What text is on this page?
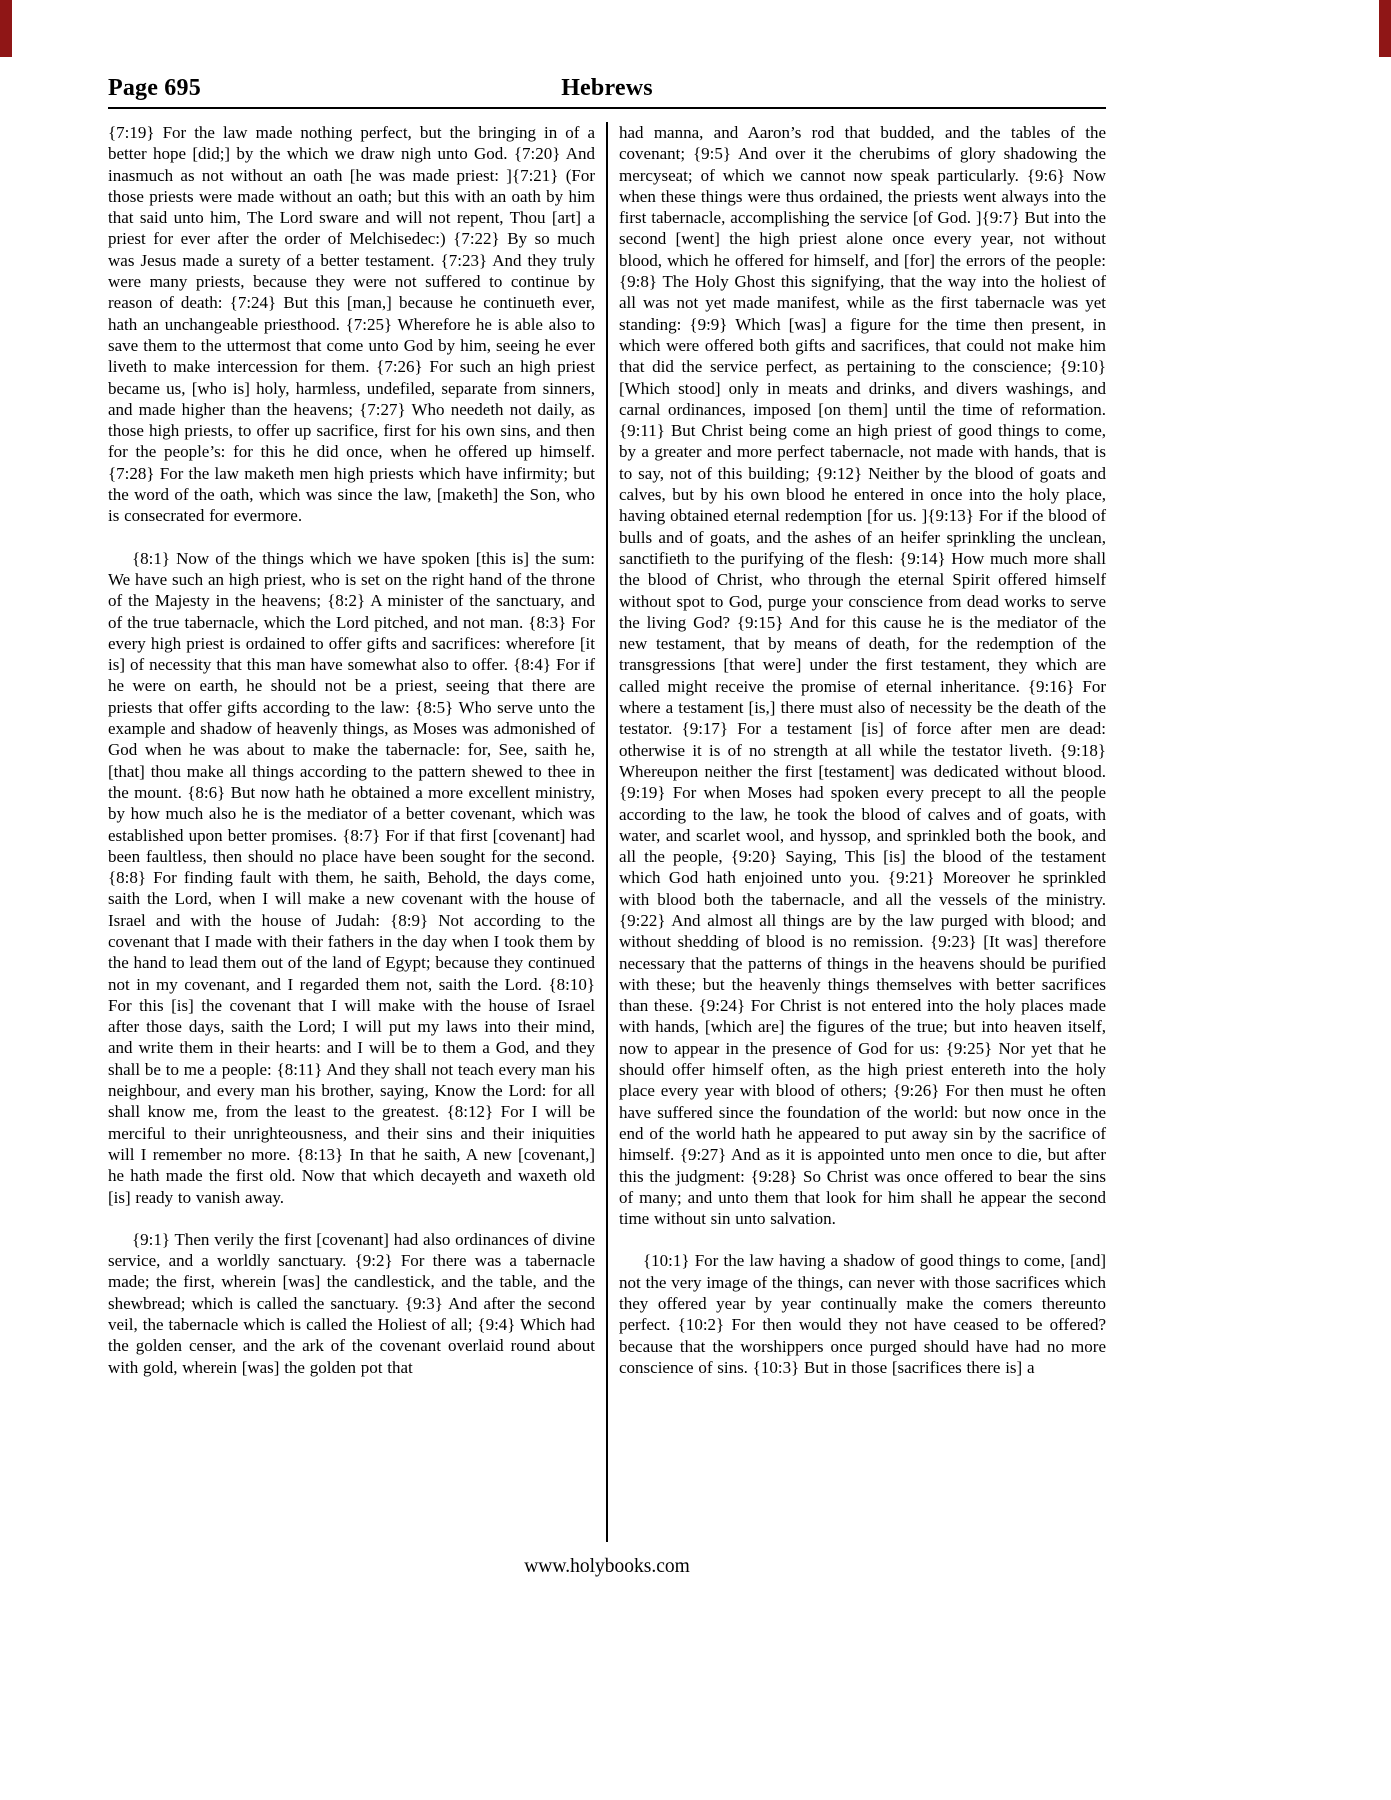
Page 695	Hebrews

{7:19} For the law made nothing perfect, but the bringing in of a better hope [did;] by the which we draw nigh unto God. {7:20} And inasmuch as not without an oath [he was made priest: ]{7:21} (For those priests were made without an oath; but this with an oath by him that said unto him, The Lord sware and will not repent, Thou [art] a priest for ever after the order of Melchisedec:) {7:22} By so much was Jesus made a surety of a better testament. {7:23} And they truly were many priests, because they were not suffered to continue by reason of death: {7:24} But this [man,] because he continueth ever, hath an unchangeable priesthood. {7:25} Wherefore he is able also to save them to the uttermost that come unto God by him, seeing he ever liveth to make intercession for them. {7:26} For such an high priest became us, [who is] holy, harmless, undefiled, separate from sinners, and made higher than the heavens; {7:27} Who needeth not daily, as those high priests, to offer up sacrifice, first for his own sins, and then for the people’s: for this he did once, when he offered up himself. {7:28} For the law maketh men high priests which have infirmity; but the word of the oath, which was since the law, [maketh] the Son, who is consecrated for evermore.

{8:1} Now of the things which we have spoken [this is] the sum: We have such an high priest, who is set on the right hand of the throne of the Majesty in the heavens; {8:2} A minister of the sanctuary, and of the true tabernacle, which the Lord pitched, and not man. {8:3} For every high priest is ordained to offer gifts and sacrifices: wherefore [it is] of necessity that this man have somewhat also to offer. {8:4} For if he were on earth, he should not be a priest, seeing that there are priests that offer gifts according to the law: {8:5} Who serve unto the example and shadow of heavenly things, as Moses was admonished of God when he was about to make the tabernacle: for, See, saith he, [that] thou make all things according to the pattern shewed to thee in the mount. {8:6} But now hath he obtained a more excellent ministry, by how much also he is the mediator of a better covenant, which was established upon better promises. {8:7} For if that first [covenant] had been faultless, then should no place have been sought for the second. {8:8} For finding fault with them, he saith, Behold, the days come, saith the Lord, when I will make a new covenant with the house of Israel and with the house of Judah: {8:9} Not according to the covenant that I made with their fathers in the day when I took them by the hand to lead them out of the land of Egypt; because they continued not in my covenant, and I regarded them not, saith the Lord. {8:10} For this [is] the covenant that I will make with the house of Israel after those days, saith the Lord; I will put my laws into their mind, and write them in their hearts: and I will be to them a God, and they shall be to me a people: {8:11} And they shall not teach every man his neighbour, and every man his brother, saying, Know the Lord: for all shall know me, from the least to the greatest. {8:12} For I will be merciful to their unrighteousness, and their sins and their iniquities will I remember no more. {8:13} In that he saith, A new [covenant,] he hath made the first old. Now that which decayeth and waxeth old [is] ready to vanish away.

{9:1} Then verily the first [covenant] had also ordinances of divine service, and a worldly sanctuary. {9:2} For there was a tabernacle made; the first, wherein [was] the candlestick, and the table, and the shewbread; which is called the sanctuary. {9:3} And after the second veil, the tabernacle which is called the Holiest of all; {9:4} Which had the golden censer, and the ark of the covenant overlaid round about with gold, wherein [was] the golden pot that

had manna, and Aaron’s rod that budded, and the tables of the covenant; {9:5} And over it the cherubims of glory shadowing the mercyseat; of which we cannot now speak particularly. {9:6} Now when these things were thus ordained, the priests went always into the first tabernacle, accomplishing the service [of God. ]{9:7} But into the second [went] the high priest alone once every year, not without blood, which he offered for himself, and [for] the errors of the people: {9:8} The Holy Ghost this signifying, that the way into the holiest of all was not yet made manifest, while as the first tabernacle was yet standing: {9:9} Which [was] a figure for the time then present, in which were offered both gifts and sacrifices, that could not make him that did the service perfect, as pertaining to the conscience; {9:10} [Which stood] only in meats and drinks, and divers washings, and carnal ordinances, imposed [on them] until the time of reformation. {9:11} But Christ being come an high priest of good things to come, by a greater and more perfect tabernacle, not made with hands, that is to say, not of this building; {9:12} Neither by the blood of goats and calves, but by his own blood he entered in once into the holy place, having obtained eternal redemption [for us. ]{9:13} For if the blood of bulls and of goats, and the ashes of an heifer sprinkling the unclean, sanctifieth to the purifying of the flesh: {9:14} How much more shall the blood of Christ, who through the eternal Spirit offered himself without spot to God, purge your conscience from dead works to serve the living God? {9:15} And for this cause he is the mediator of the new testament, that by means of death, for the redemption of the transgressions [that were] under the first testament, they which are called might receive the promise of eternal inheritance. {9:16} For where a testament [is,] there must also of necessity be the death of the testator. {9:17} For a testament [is] of force after men are dead: otherwise it is of no strength at all while the testator liveth. {9:18} Whereupon neither the first [testament] was dedicated without blood. {9:19} For when Moses had spoken every precept to all the people according to the law, he took the blood of calves and of goats, with water, and scarlet wool, and hyssop, and sprinkled both the book, and all the people, {9:20} Saying, This [is] the blood of the testament which God hath enjoined unto you. {9:21} Moreover he sprinkled with blood both the tabernacle, and all the vessels of the ministry. {9:22} And almost all things are by the law purged with blood; and without shedding of blood is no remission. {9:23} [It was] therefore necessary that the patterns of things in the heavens should be purified with these; but the heavenly things themselves with better sacrifices than these. {9:24} For Christ is not entered into the holy places made with hands, [which are] the figures of the true; but into heaven itself, now to appear in the presence of God for us: {9:25} Nor yet that he should offer himself often, as the high priest entereth into the holy place every year with blood of others; {9:26} For then must he often have suffered since the foundation of the world: but now once in the end of the world hath he appeared to put away sin by the sacrifice of himself. {9:27} And as it is appointed unto men once to die, but after this the judgment: {9:28} So Christ was once offered to bear the sins of many; and unto them that look for him shall he appear the second time without sin unto salvation.

{10:1} For the law having a shadow of good things to come, [and] not the very image of the things, can never with those sacrifices which they offered year by year continually make the comers thereunto perfect. {10:2} For then would they not have ceased to be offered? because that the worshippers once purged should have had no more conscience of sins. {10:3} But in those [sacrifices there is] a

www.holybooks.com
